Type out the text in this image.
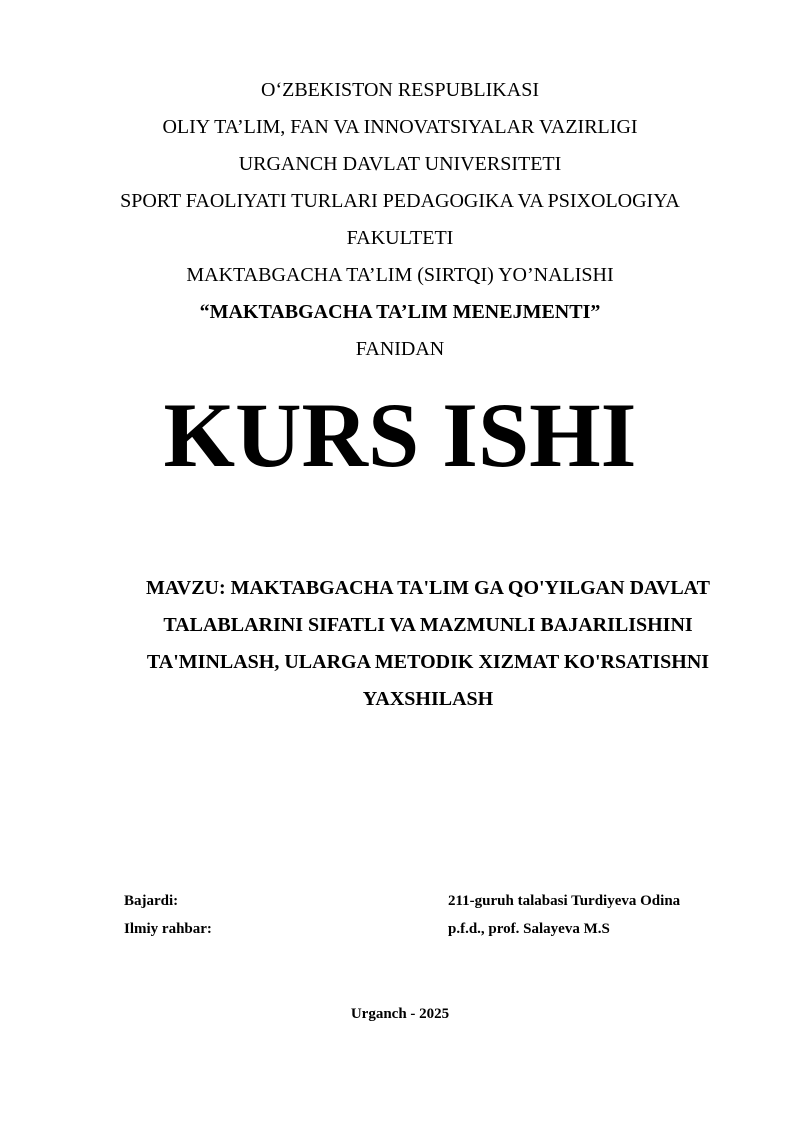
O‘ZBEKISTON RESPUBLIKASI
OLIY TA’LIM, FAN VA INNOVATSIYALAR VAZIRLIGI
URGANCH DAVLAT UNIVERSITETI
SPORT FAOLIYATI TURLARI PEDAGOGIKA VA PSIXOLOGIYA
FAKULTETI
MAKTABGACHA TA’LIM (SIRTQI) YO’NALISHI
“MAKTABGACHA TA’LIM MENEJMENTI”
FANIDAN
KURS ISHI
MAVZU: MAKTABGACHA TA'LIM GA QO'YILGAN DAVLAT
TALABLARINI SIFATLI VA MAZMUNLI BAJARILISHINI
TA'MINLASH, ULARGA METODIK XIZMAT KO'RSATISHNI
YAXSHILASH
Bajardi:	211-guruh talabasi Turdiyeva Odina
Ilmiy rahbar:	p.f.d., prof. Salayeva M.S
Urganch - 2025
